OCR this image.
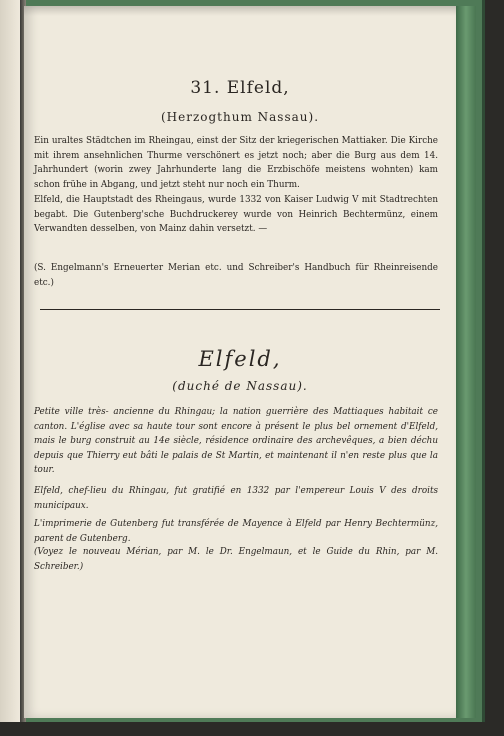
31. Elfeld,
(Herzogthum Nassau).

Ein uraltes Städtchen im Rheingau, einst der Sitz der kriegerischen Mattiaker. Die Kirche mit ihrem ansehnlichen Thurme verschönert es jetzt noch; aber die Burg aus dem 14. Jahrhundert (worin zwey Jahrhunderte lang die Erzbischöfe meistens wohnten) kam schon frühe in Abgang, und jetzt steht nur noch ein Thurm.

Elfeld, die Hauptstadt des Rheingaus, wurde 1332 von Kaiser Ludwig V mit Stadtrechten begabt. Die Gutenberg'sche Buchdruckerey wurde von Heinrich Bechtermünz, einem Verwandten desselben, von Mainz dahin versetzt. —

(S. Engelmann's Erneuerter Merian etc. und Schreiber's Handbuch für Rheinreisende etc.)

Elfeld,
(duché de Nassau).

Petite ville très- ancienne du Rhingau; la nation guerrière des Mattiaques habitait ce canton. L'église avec sa haute tour sont encore à présent le plus bel ornement d'Elfeld, mais le burg construit au 14e siècle, résidence ordinaire des archevêques, a bien déchu depuis que Thierry eut bâti le palais de St Martin, et maintenant il n'en reste plus que la tour.

Elfeld, chef-lieu du Rhingau, fut gratifié en 1332 par l'empereur Louis V des droits municipaux.

L'imprimerie de Gutenberg fut transférée de Mayence à Elfeld par Henry Bechtermünz, parent de Gutenberg.

(Voyez le nouveau Mérian, par M. le Dr. Engelmaun, et le Guide du Rhin, par M. Schreiber.)
